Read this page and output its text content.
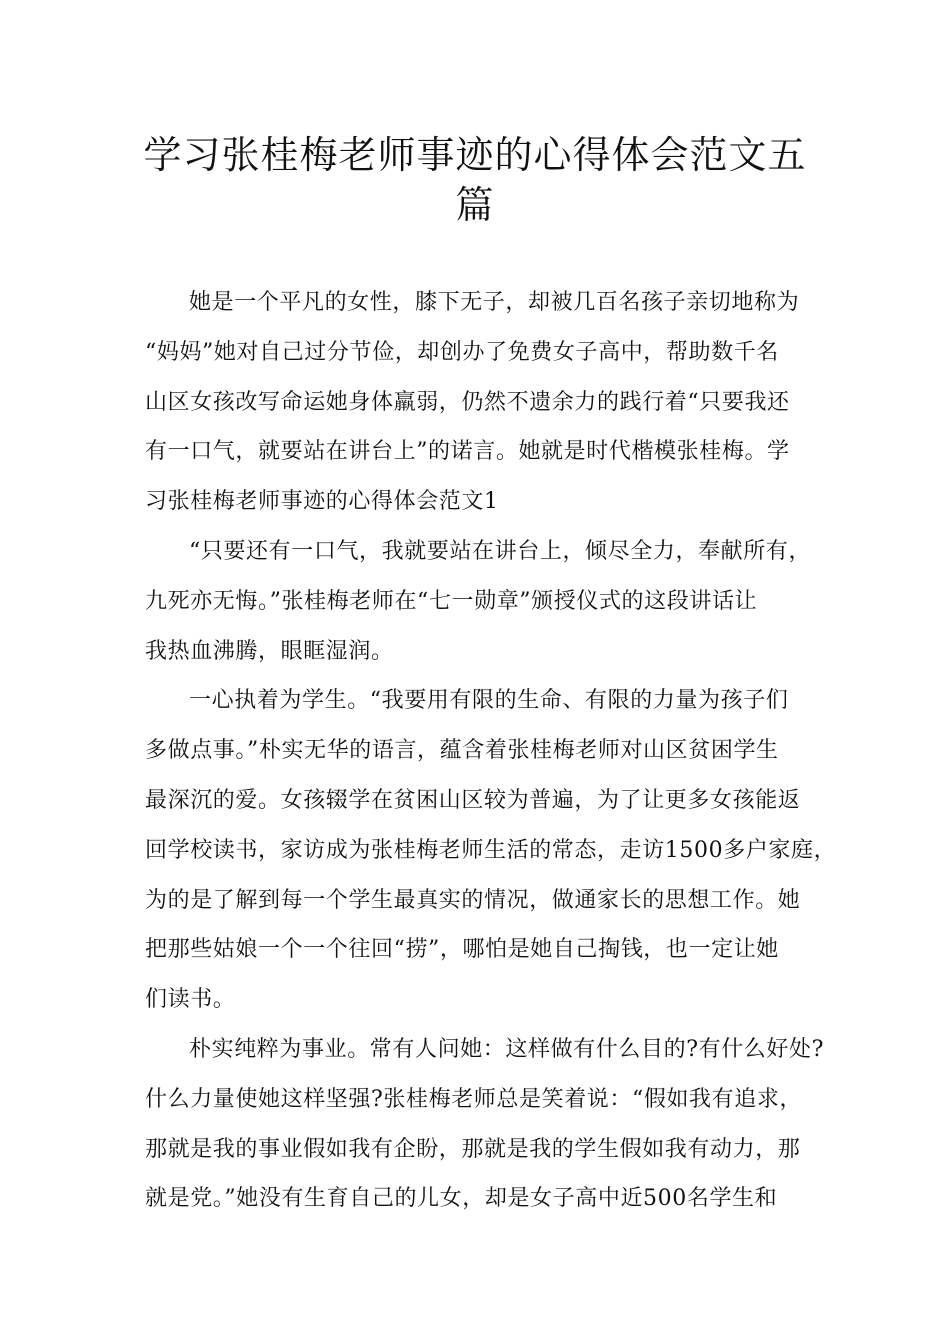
学习张桂梅老师事迹的心得体会范文五
篇
她是一个平凡的女性，膝下无子，却被几百名孩子亲切地称为
“妈妈”她对自己过分节俭，却创办了免费女子高中，帮助数千名
山区女孩改写命运她身体羸弱，仍然不遗余力的践行着“只要我还
有一口气，就要站在讲台上”的诺言。她就是时代楷模张桂梅。学
习张桂梅老师事迹的心得体会范文1
“只要还有一口气，我就要站在讲台上，倾尽全力，奉献所有，
九死亦无悔。”张桂梅老师在“七一勋章”颁授仪式的这段讲话让
我热血沸腾，眼眶湿润。
一心执着为学生。“我要用有限的生命、有限的力量为孩子们
多做点事。”朴实无华的语言，蕴含着张桂梅老师对山区贫困学生
最深沉的爱。女孩辍学在贫困山区较为普遍，为了让更多女孩能返
回学校读书，家访成为张桂梅老师生活的常态，走访1500多户家庭，
为的是了解到每一个学生最真实的情况，做通家长的思想工作。她
把那些姑娘一个一个往回“捞”，哪怕是她自己掏钱，也一定让她
们读书。
朴实纯粹为事业。常有人问她：这样做有什么目的?有什么好处?
什么力量使她这样坚强?张桂梅老师总是笑着说：“假如我有追求，
那就是我的事业假如我有企盼，那就是我的学生假如我有动力，那
就是党。”她没有生育自己的儿女，却是女子高中近500名学生和
